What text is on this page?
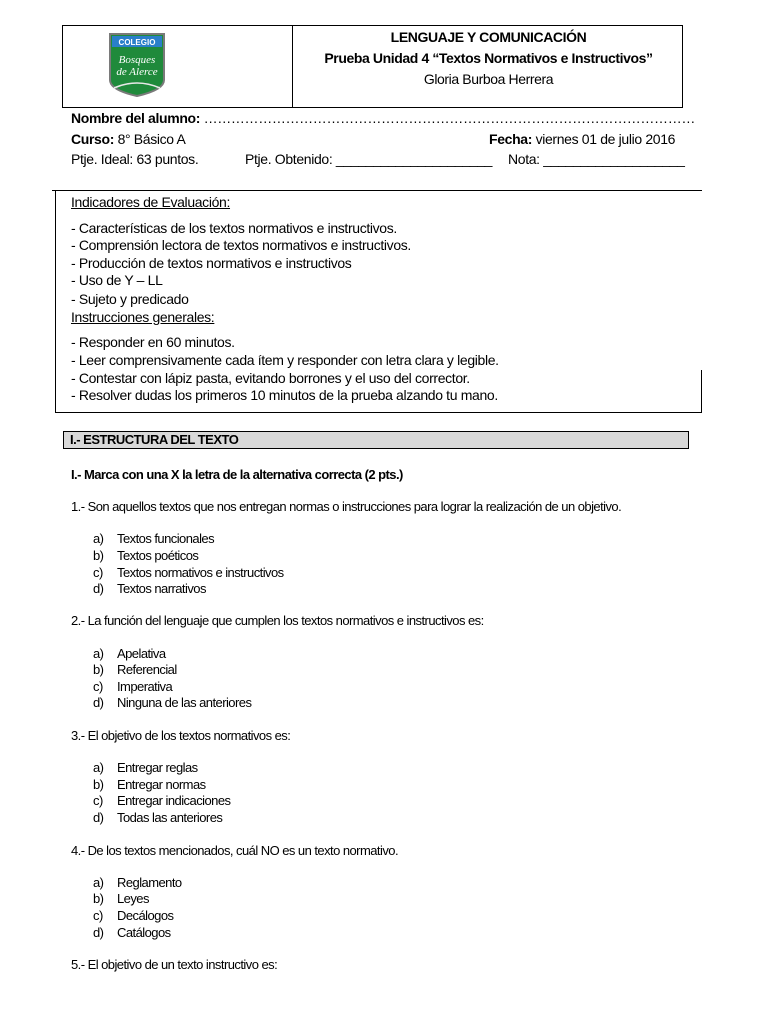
COLEGIO
Bosques
de Alerce
LENGUAJE Y COMUNICACIÓN
Prueba Unidad 4 “Textos Normativos e Instructivos”
Gloria Burboa Herrera
Nombre del alumno: ………………………………………………………………………………………………
Curso: 8° Básico A	Fecha: viernes 01 de julio 2016
Ptje. Ideal: 63 puntos.	Ptje. Obtenido: _____________________ Nota: ___________________
Indicadores de Evaluación:
- Características de los textos normativos e instructivos.
- Comprensión lectora de textos normativos e instructivos.
- Producción de textos normativos e instructivos
- Uso de Y – LL
- Sujeto y predicado
Instrucciones generales:
- Responder en 60 minutos.
- Leer comprensivamente cada ítem y responder con letra clara y legible.
- Contestar con lápiz pasta, evitando borrones y el uso del corrector.
- Resolver dudas los primeros 10 minutos de la prueba alzando tu mano.
I.- ESTRUCTURA DEL TEXTO
I.- Marca con una X la letra de la alternativa correcta (2 pts.)
1.- Son aquellos textos que nos entregan normas o instrucciones para lograr la realización de un objetivo.
a) Textos funcionales
b) Textos poéticos
c) Textos normativos e instructivos
d) Textos narrativos
2.- La función del lenguaje que cumplen los textos normativos e instructivos es:
a) Apelativa
b) Referencial
c) Imperativa
d) Ninguna de las anteriores
3.- El objetivo de los textos normativos es:
a) Entregar reglas
b) Entregar normas
c) Entregar indicaciones
d) Todas las anteriores
4.- De los textos mencionados, cuál NO es un texto normativo.
a) Reglamento
b) Leyes
c) Decálogos
d) Catálogos
5.- El objetivo de un texto instructivo es:
